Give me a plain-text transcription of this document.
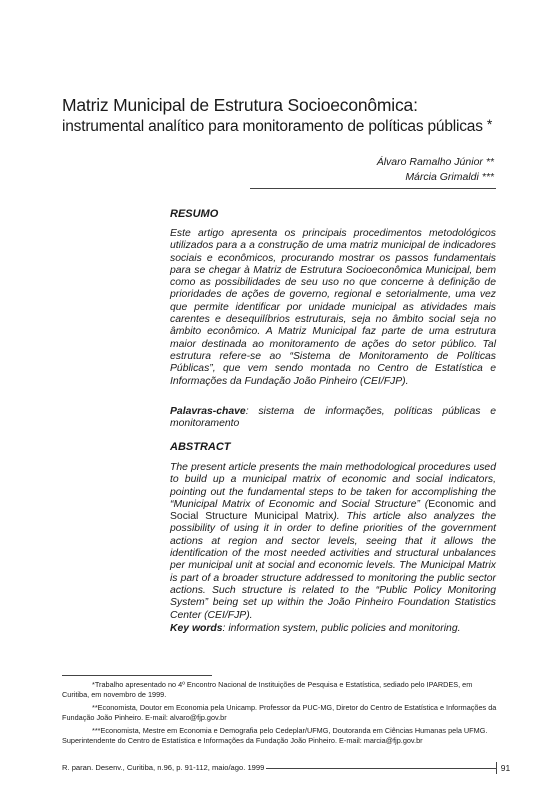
Matriz Municipal de Estrutura Socioeconômica:
instrumental analítico para monitoramento de políticas públicas *
Álvaro Ramalho Júnior **
Márcia Grimaldi ***
RESUMO
Este artigo apresenta os principais procedimentos metodológicos utilizados para a a construção de uma matriz municipal de indicadores sociais e econômicos, procurando mostrar os passos fundamentais para se chegar à Matriz de Estrutura Socioeconômica Municipal, bem como as possibilidades de seu uso no que concerne à definição de prioridades de ações de governo, regional e setorialmente, uma vez que permite identificar por unidade municipal as atividades mais carentes e desequilíbrios estruturais, seja no âmbito social seja no âmbito econômico. A Matriz Municipal faz parte de uma estrutura maior destinada ao monitoramento de ações do setor público. Tal estrutura refere-se ao “Sistema de Monitoramento de Políticas Públicas”, que vem sendo montada no Centro de Estatística e Informações da Fundação João Pinheiro (CEI/FJP).
Palavras-chave: sistema de informações, políticas públicas e monitoramento
ABSTRACT
The present article presents the main methodological procedures used to build up a municipal matrix of economic and social indicators, pointing out the fundamental steps to be taken for accomplishing the “Municipal Matrix of Economic and Social Structure” (Economic and Social Structure Municipal Matrix). This article also analyzes the possibility of using it in order to define priorities of the government actions at region and sector levels, seeing that it allows the identification of the most needed activities and structural unbalances per municipal unit at social and economic levels. The Municipal Matrix is part of a broader structure addressed to monitoring the public sector actions. Such structure is related to the “Public Policy Monitoring System” being set up within the João Pinheiro Foundation Statistics Center (CEI/FJP).
Key words: information system, public policies and monitoring.

*Trabalho apresentado no 4º Encontro Nacional de Instituições de Pesquisa e Estatística, sediado pelo IPARDES, em Curitiba, em novembro de 1999.

**Economista, Doutor em Economia pela Unicamp. Professor da PUC-MG, Diretor do Centro de Estatística e Informações da Fundação João Pinheiro. E-mail: alvaro@fjp.gov.br

***Economista, Mestre em Economia e Demografia pelo Cedeplar/UFMG, Doutoranda em Ciências Humanas pela UFMG. Superintendente do Centro de Estatística e Informações da Fundação João Pinheiro. E-mail: marcia@fjp.gov.br

R. paran. Desenv., Curitiba, n.96, p. 91-112, maio/ago. 1999	91
